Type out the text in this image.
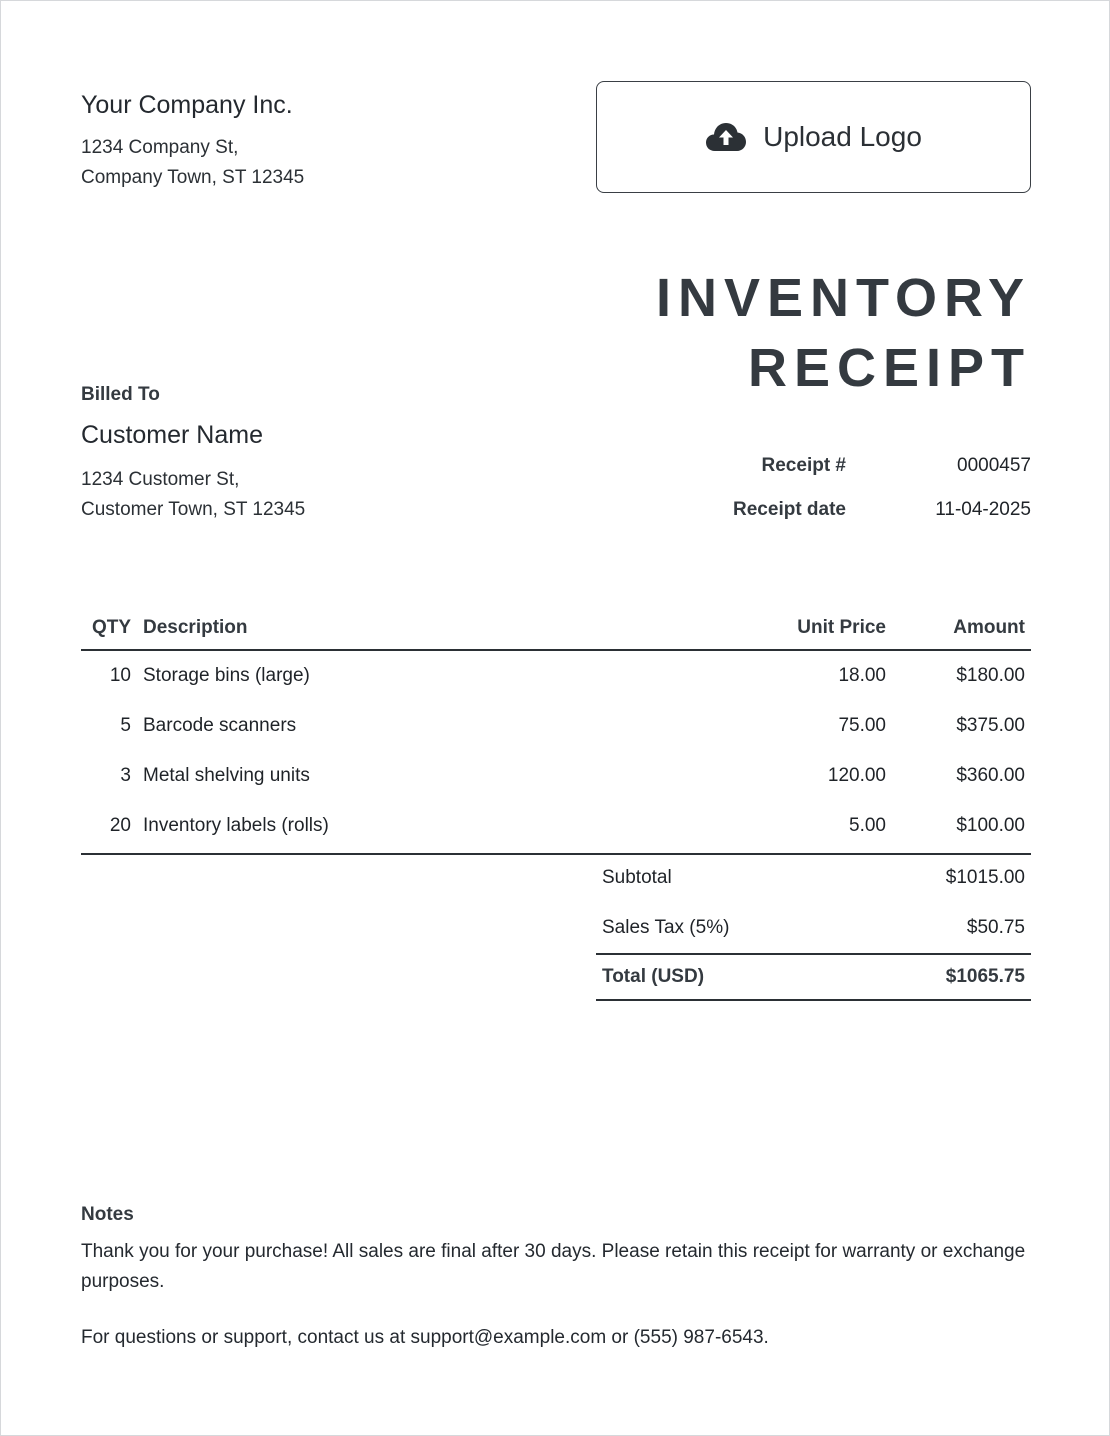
Your Company Inc.
1234 Company St,
Company Town, ST 12345
Upload Logo
INVENTORY
RECEIPT
Billed To
Customer Name
1234 Customer St,
Customer Town, ST 12345
Receipt #	0000457
Receipt date	11-04-2025
QTY Description	Unit Price	Amount
10 Storage bins (large)	18.00	$180.00
5 Barcode scanners	75.00	$375.00
3 Metal shelving units	120.00	$360.00
20 Inventory labels (rolls)	5.00	$100.00
Subtotal	$1015.00
Sales Tax (5%)	$50.75
Total (USD)	$1065.75
Notes
Thank you for your purchase! All sales are final after 30 days. Please retain this receipt for warranty or exchange purposes.
For questions or support, contact us at support@example.com or (555) 987-6543.
